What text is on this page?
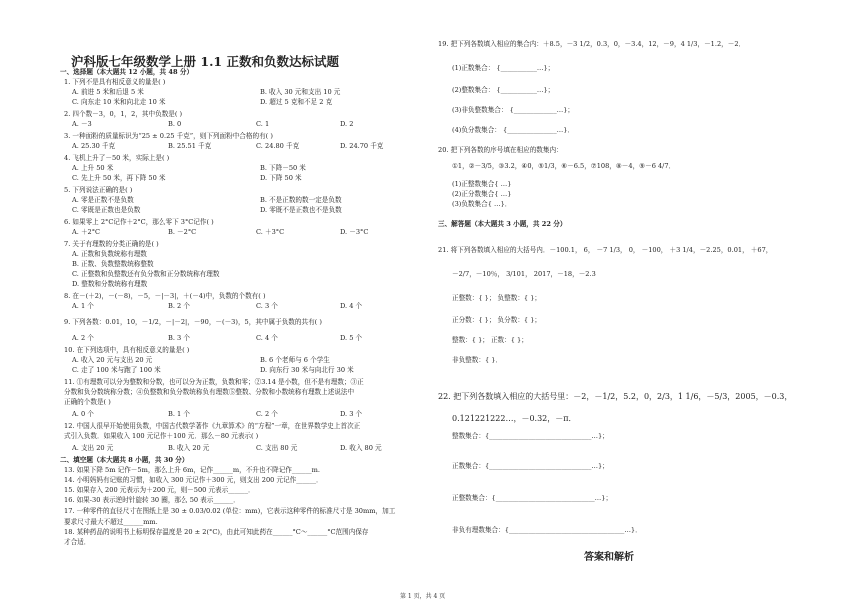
沪科版七年级数学上册 1.1 正数和负数达标试题
一、选择题（本大题共 12 小题，共 48 分）
1. 下列不是具有相反意义的量是( )
A. 前进 5 米和后退 5 米	B. 收入 30 元和支出 10 元
C. 向东走 10 米和向北走 10 米	D. 超过 5 克和不足 2 克
2. 四个数－3，0，1，2，其中负数是( )
A. －3	B. 0	C. 1	D. 2
3. 一种面粉的质量标识为“25 ± 0.25 千克”，则下列面粉中合格的有( )
A. 25.30 千克	B. 25.51 千克	C. 24.80 千克	D. 24.70 千克
4. 飞机上升了－50 米，实际上是( )
A. 上升 50 米	B. 下降－50 米
C. 先上升 50 米，再下降 50 米	D. 下降 50 米
5. 下列说法正确的是( )
A. 零是正数不是负数	B. 不是正数的数一定是负数
C. 零既是正数也是负数	D. 零既不是正数也不是负数
6. 如果零上 2°C记作＋2°C，那么零下 3°C记作( )
A. ＋2°C	B. －2°C	C. ＋3°C	D. －3°C
7. 关于有理数的分类正确的是( )
A. 正数和负数统称有理数
B. 正数、负数整数统称整数
C. 正整数和负整数还有负分数和正分数统称有理数
D. 整数和分数统称有理数
8. 在－(＋2)，－(－8)，－5，－|－3|，＋(－4)中，负数的个数有( )
A. 1 个	B. 2 个	C. 3 个	D. 4 个
9. 下列各数：0.01，10，－1/2，－|－2|，－90，－(－3)，5，其中属于负数的共有( )
A. 2 个	B. 3 个	C. 4 个	D. 5 个
10. 在下列选项中，具有相反意义的量是( )
A. 收入 20 元与支出 20 元	B. 6 个老师与 6 个学生
C. 走了 100 米与跑了 100 米	D. 向东行 30 米与向北行 30 米
11. ①有理数可以分为整数和分数，也可以分为正数，负数和零；②3.14 是小数，但不是有理数；③正
分数和负分数统称分数；④负整数和负分数统称负有理数⑤整数、分数和小数统称有理数上述说法中
正确的个数是( )
A. 0 个	B. 1 个	C. 2 个	D. 3 个
12. 中国人很早开始使用负数，中国古代数学著作《九章算术》的“方程”一章，在世界数学史上首次正
式引入负数．如果收入 100 元记作＋100 元．那么－80 元表示( )
A. 支出 20 元	B. 收入 20 元	C. 支出 80 元	D. 收入 80 元
二、填空题（本大题共 8 小题，共 30 分）
13. 如果下降 5m 记作－5m，那么上升 6m，记作______m，不升也不降记作______m.
14. 小明妈妈有记账的习惯，如收入 300 元记作＋300 元，则支出 200 元记作______．
15. 如果存入 200 元表示为＋200 元，则－500 元表示______．
16. 如果-30 表示逆时针旋转 30 圈，那么 50 表示______．
17. 一种零件的直径尺寸在图纸上是 30 ± 0.03/0.02 (单位：mm)，它表示这种零件的标准尺寸是 30mm，加工
要求尺寸最大不超过______mm.
18. 某种药品的说明书上标明保存温度是 20 ± 2(°C)，由此可知此药在______°C～______°C范围内保存
才合适．
19. 把下列各数填入相应的集合内：＋8.5，－3 1/2，0.3，0，－3.4，12，－9，4 1/3，－1.2，－2．
(1)正数集合： {___________…}；
(2)整数集合： {___________…}；
(3)非负整数集合： {_____________…}；
(4)负分数集合： {_______________…}．
20. 把下列各数的序号填在相应的数集内：
①1，②－3/5，③3.2，④0，⑤1/3，⑥－6.5，⑦108，⑧－4，⑨－6 4/7．
(1)正整数集合{ …}
(2)正分数集合{ …}
(3)负数集合{ …}．
三、解答题（本大题共 3 小题，共 22 分）
21. 将下列各数填入相应的大括号内．－100.1， 6， －7 1/3， 0， －100， ＋3 1/4，－2.25，0.01， ＋67，
－2/7，－10％， 3/101， 2017，－18，－2.3
正整数：{ }； 负整数：{ }；
正分数：{ }； 负分数：{ }；
整数：{ }； 正数：{ }；
非负整数：{ }．
22. 把下列各数填入相应的大括号里：－2，－1/2，5.2，0，2/3，1 1/6，－5/3，2005，－0.3，
0.121221222…，－0.32，－π．
整数集合：{_______________________________…}；
正数集合：{_______________________________…}；
正整数集合：{______________________________…}；
非负有理数集合：{___________________________________…}．
答案和解析
第 1 页，共 4 页
